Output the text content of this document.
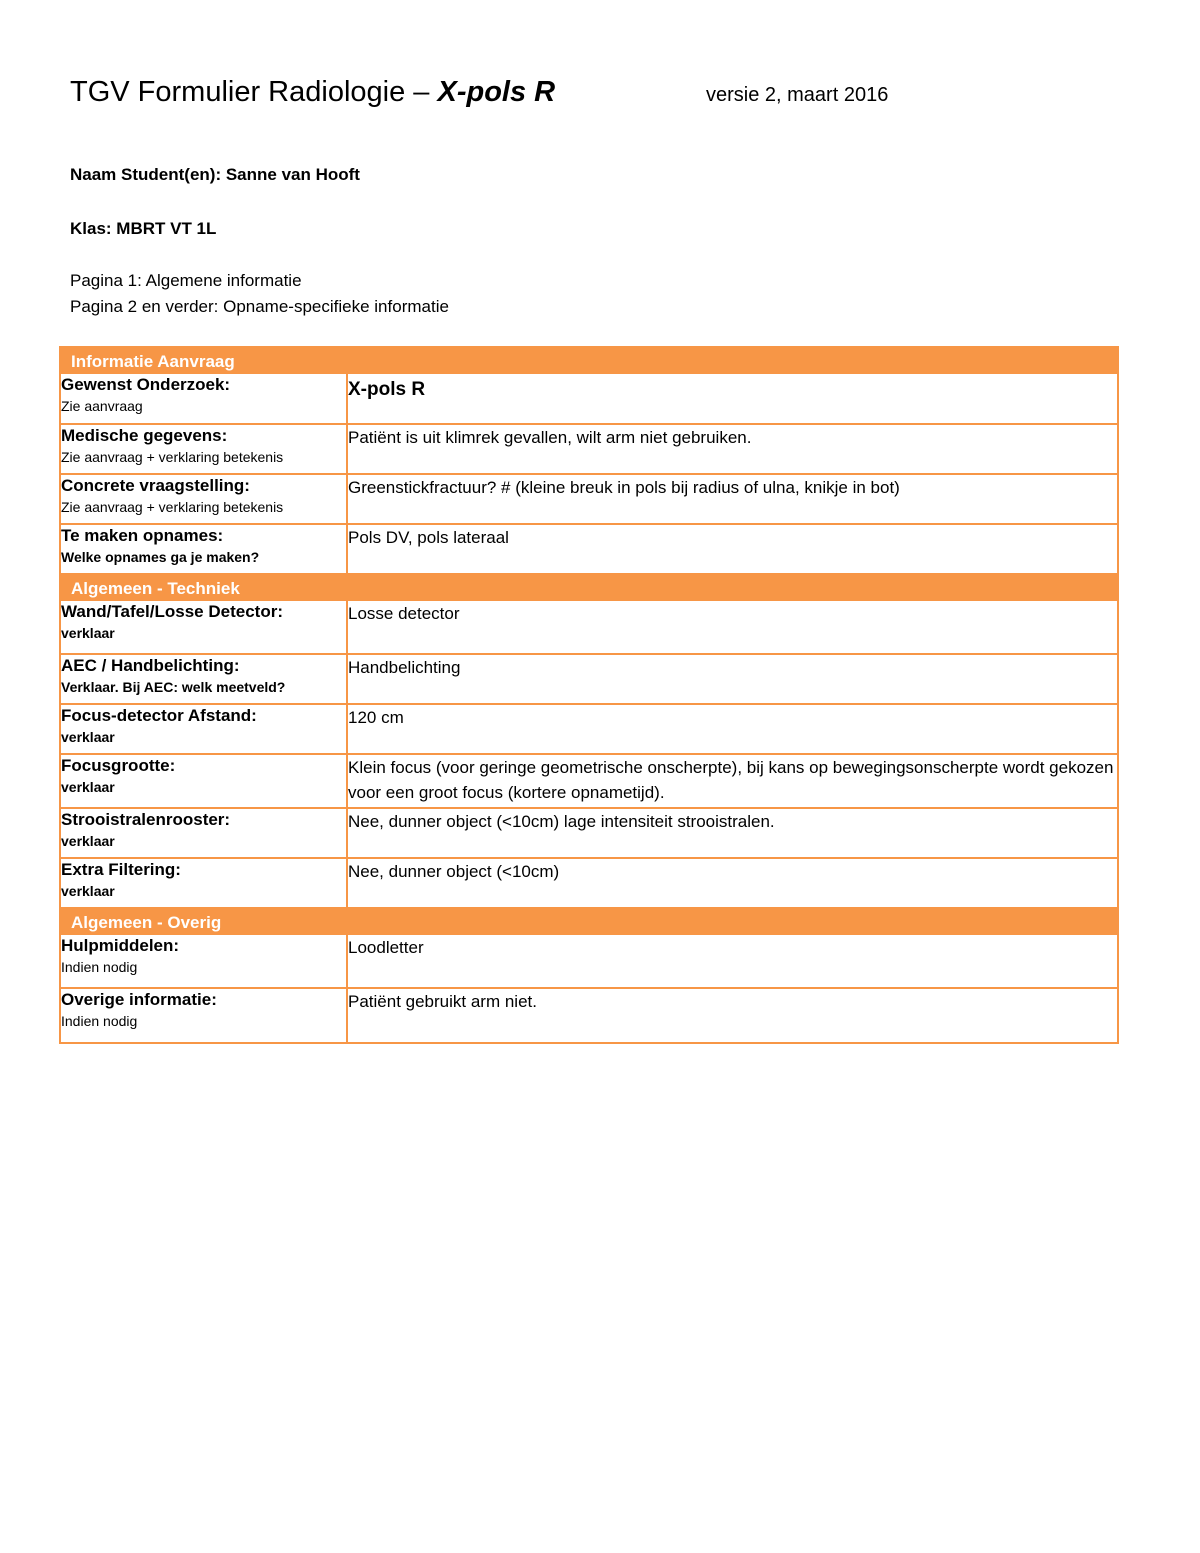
TGV Formulier Radiologie – X-pols R	versie 2, maart 2016
Naam Student(en): Sanne van Hooft
Klas: MBRT VT 1L
Pagina 1: Algemene informatie
Pagina 2 en verder: Opname-specifieke informatie
Informatie Aanvraag	

Gewenst Onderzoek:
Zie aanvraag	X-pols R

Medische gegevens:
Zie aanvraag + verklaring betekenis	Patiënt is uit klimrek gevallen, wilt arm niet gebruiken.

Concrete vraagstelling:
Zie aanvraag + verklaring betekenis	Greenstickfractuur? # (kleine breuk in pols bij radius of ulna, knikje in bot)

Te maken opnames:
Welke opnames ga je maken?	Pols DV, pols lateraal
Algemeen - Techniek	

Wand/Tafel/Losse Detector:
verklaar	Losse detector

AEC / Handbelichting:
Verklaar. Bij AEC: welk meetveld?	Handbelichting

Focus-detector Afstand:
verklaar	120 cm

Focusgrootte:
verklaar	Klein focus (voor geringe geometrische onscherpte), bij kans op bewegingsonscherpte wordt gekozen voor een groot focus (kortere opnametijd).

Strooistralenrooster:
verklaar	Nee, dunner object (<10cm) lage intensiteit strooistralen.

Extra Filtering:
verklaar	Nee, dunner object (<10cm)
Algemeen - Overig	

Hulpmiddelen:
Indien nodig	Loodletter

Overige informatie:
Indien nodig	Patiënt gebruikt arm niet.
